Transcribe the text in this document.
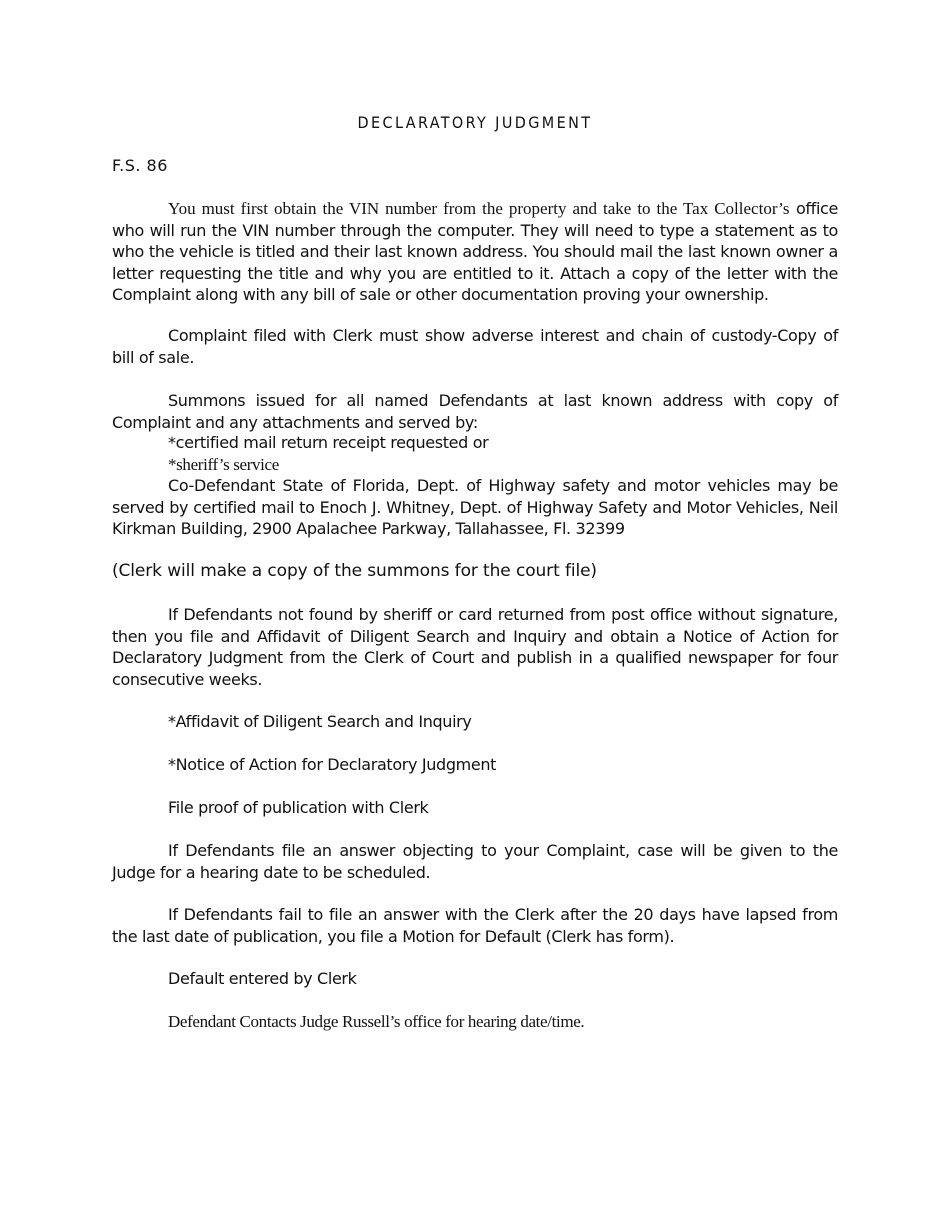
DECLARATORY JUDGMENT
F.S. 86

You must first obtain the VIN number from the property and take to the Tax Collector’s office who will run the VIN number through the computer. They will need to type a statement as to who the vehicle is titled and their last known address. You should mail the last known owner a letter requesting the title and why you are entitled to it. Attach a copy of the letter with the Complaint along with any bill of sale or other documentation proving your ownership.

Complaint filed with Clerk must show adverse interest and chain of custody-Copy of bill of sale.

Summons issued for all named Defendants at last known address with copy of Complaint and any attachments and served by:

*certified mail return receipt requested or
*sheriff’s service

Co-Defendant State of Florida, Dept. of Highway safety and motor vehicles may be served by certified mail to Enoch J. Whitney, Dept. of Highway Safety and Motor Vehicles, Neil Kirkman Building, 2900 Apalachee Parkway, Tallahassee, Fl. 32399

(Clerk will make a copy of the summons for the court file)

If Defendants not found by sheriff or card returned from post office without signature, then you file and Affidavit of Diligent Search and Inquiry and obtain a Notice of Action for Declaratory Judgment from the Clerk of Court and publish in a qualified newspaper for four consecutive weeks.

*Affidavit of Diligent Search and Inquiry
*Notice of Action for Declaratory Judgment
File proof of publication with Clerk

If Defendants file an answer objecting to your Complaint, case will be given to the Judge for a hearing date to be scheduled.

If Defendants fail to file an answer with the Clerk after the 20 days have lapsed from the last date of publication, you file a Motion for Default (Clerk has form).

Default entered by Clerk
Defendant Contacts Judge Russell’s office for hearing date/time.
